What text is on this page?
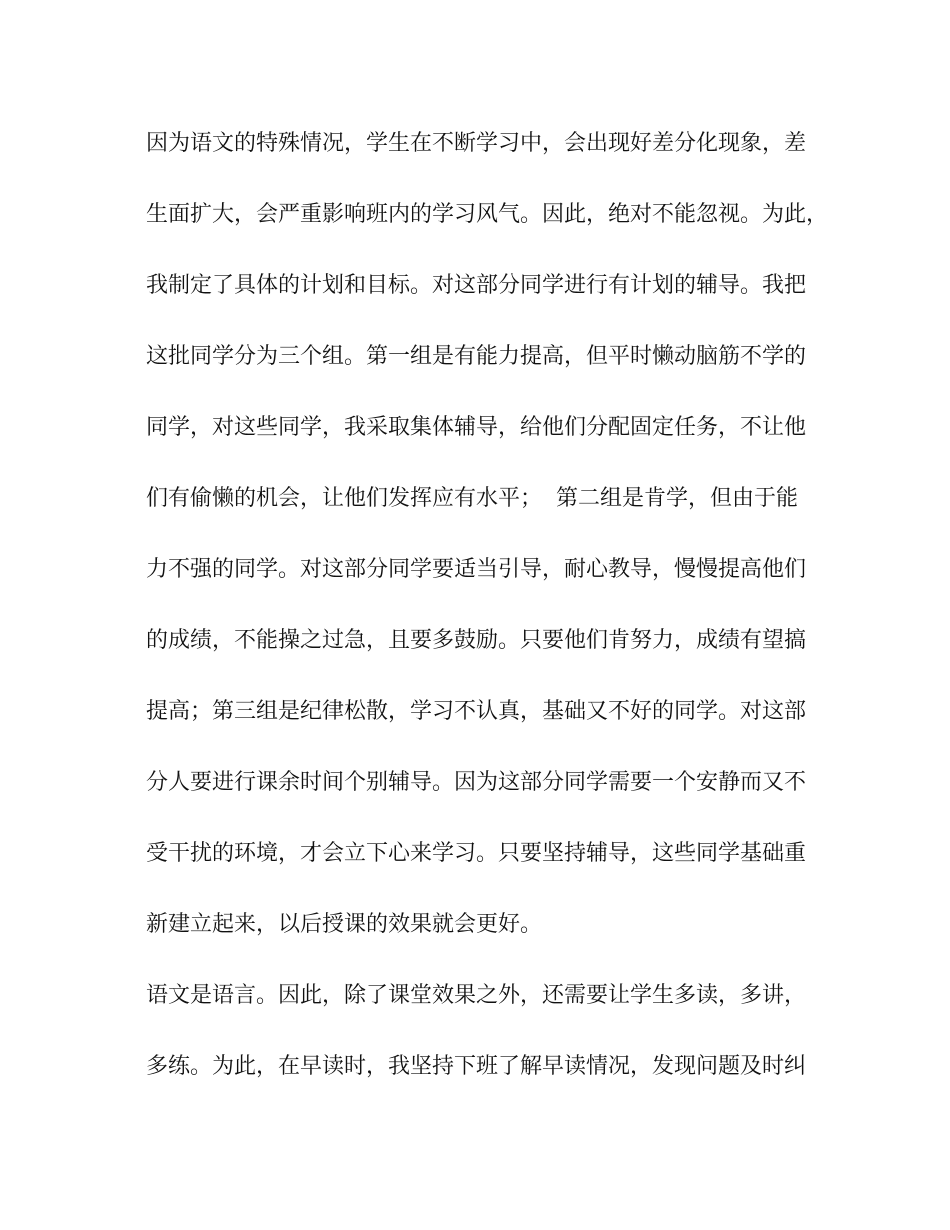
因为语文的特殊情况，学生在不断学习中，会出现好差分化现象，差
生面扩大，会严重影响班内的学习风气。因此，绝对不能忽视。为此，
我制定了具体的计划和目标。对这部分同学进行有计划的辅导。我把
这批同学分为三个组。第一组是有能力提高，但平时懒动脑筋不学的
同学，对这些同学，我采取集体辅导，给他们分配固定任务，不让他
们有偷懒的机会，让他们发挥应有水平；  第二组是肯学，但由于能
力不强的同学。对这部分同学要适当引导，耐心教导，慢慢提高他们
的成绩，不能操之过急，且要多鼓励。只要他们肯努力，成绩有望搞
提高；第三组是纪律松散，学习不认真，基础又不好的同学。对这部
分人要进行课余时间个别辅导。因为这部分同学需要一个安静而又不
受干扰的环境，才会立下心来学习。只要坚持辅导，这些同学基础重
新建立起来，以后授课的效果就会更好。
语文是语言。因此，除了课堂效果之外，还需要让学生多读，多讲，
多练。为此，在早读时，我坚持下班了解早读情况，发现问题及时纠
